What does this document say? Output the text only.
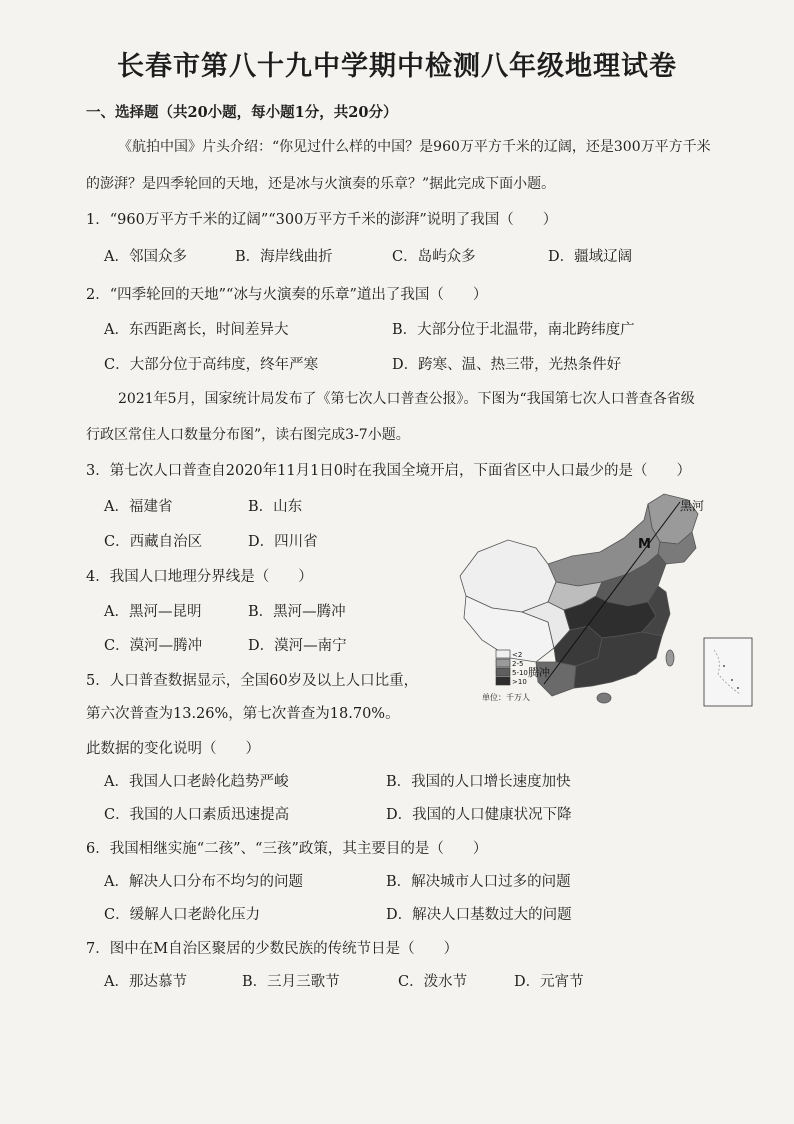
长春市第八十九中学期中检测八年级地理试卷
一、选择题（共20小题，每小题1分，共20分）
《航拍中国》片头介绍：“你见过什么样的中国？是960万平方千米的辽阔，还是300万平方千米
的澎湃？是四季轮回的天地，还是冰与火演奏的乐章？”据此完成下面小题。
1．“960万平方千米的辽阔”“300万平方千米的澎湃”说明了我国（　　）
A．邻国众多	B．海岸线曲折	C．岛屿众多	D．疆域辽阔
2．“四季轮回的天地”“冰与火演奏的乐章”道出了我国（　　）
A．东西距离长，时间差异大	B．大部分位于北温带，南北跨纬度广
C．大部分位于高纬度，终年严寒	D．跨寒、温、热三带，光热条件好
2021年5月，国家统计局发布了《第七次人口普查公报》。下图为“我国第七次人口普查各省级
行政区常住人口数量分布图”，读右图完成3-7小题。
3．第七次人口普查自2020年11月1日0时在我国全境开启，下面省区中人口最少的是（　　）
A．福建省	B．山东
C．西藏自治区	D．四川省
4．我国人口地理分界线是（　　）
A．黑河—昆明	B．黑河—腾冲
C．漠河—腾冲	D．漠河—南宁
5．人口普查数据显示，全国60岁及以上人口比重，
第六次普查为13.26%，第七次普查为18.70%。
此数据的变化说明（　　）
A．我国人口老龄化趋势严峻	B．我国的人口增长速度加快
C．我国的人口素质迅速提高	D．我国的人口健康状况下降
6．我国相继实施“二孩”、“三孩”政策，其主要目的是（　　）
A．解决人口分布不均匀的问题	B．解决城市人口过多的问题
C．缓解人口老龄化压力	D．解决人口基数过大的问题
7．图中在M自治区聚居的少数民族的传统节日是（　　）
A．那达慕节	B．三月三歌节	C．泼水节	D．元宵节
黑河
M
腾冲
<2
2-5
5-10
>10
单位：千万人
